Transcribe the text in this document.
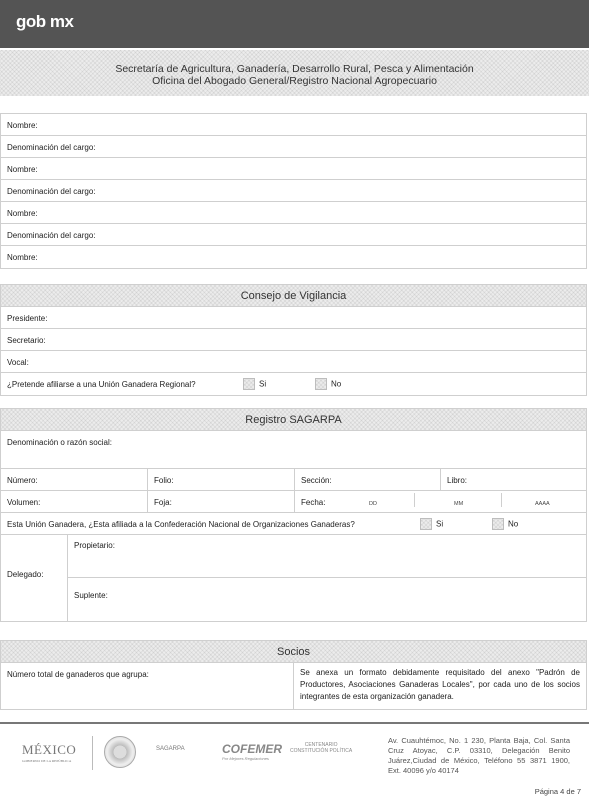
gob mx
Secretaría de Agricultura, Ganadería, Desarrollo Rural, Pesca y Alimentación
Oficina del Abogado General/Registro Nacional Agropecuario
Nombre:
Denominación del cargo:
Nombre:
Denominación del cargo:
Nombre:
Denominación del cargo:
Nombre:
Consejo de Vigilancia
Presidente:
Secretario:
Vocal:
¿Pretende afiliarse a una Unión Ganadera Regional?	Si	No
Registro SAGARPA
Denominación o razón social:
Número:	Folio:	Sección:	Libro:
Volumen:	Foja:	Fecha:	DD	MM	AAAA
Esta Unión Ganadera, ¿Esta afiliada a la Confederación Nacional de Organizaciones Ganaderas?	Si	No
Delegado:
Propietario:
Suplente:
Socios
Número total de ganaderos que agrupa:	Se anexa un formato debidamente requisitado del anexo "Padrón de Productores, Asociaciones Ganaderas Locales", por cada uno de los socios integrantes de esta organización ganadera.
MÉXICO
GOBIERNO DE LA REPÚBLICA
SAGARPA	COFEMER
Por Mejores Regulaciones
CENTENARIO
CONSTITUCIÓN POLÍTICA
Av. Cuauhtémoc, No. 1 230, Planta Baja, Col. Santa Cruz Atoyac, C.P. 03310, Delegación Benito Juárez,Ciudad de México, Teléfono 55 3871 1900, Ext. 40096 y/o 40174
Página 4 de 7
